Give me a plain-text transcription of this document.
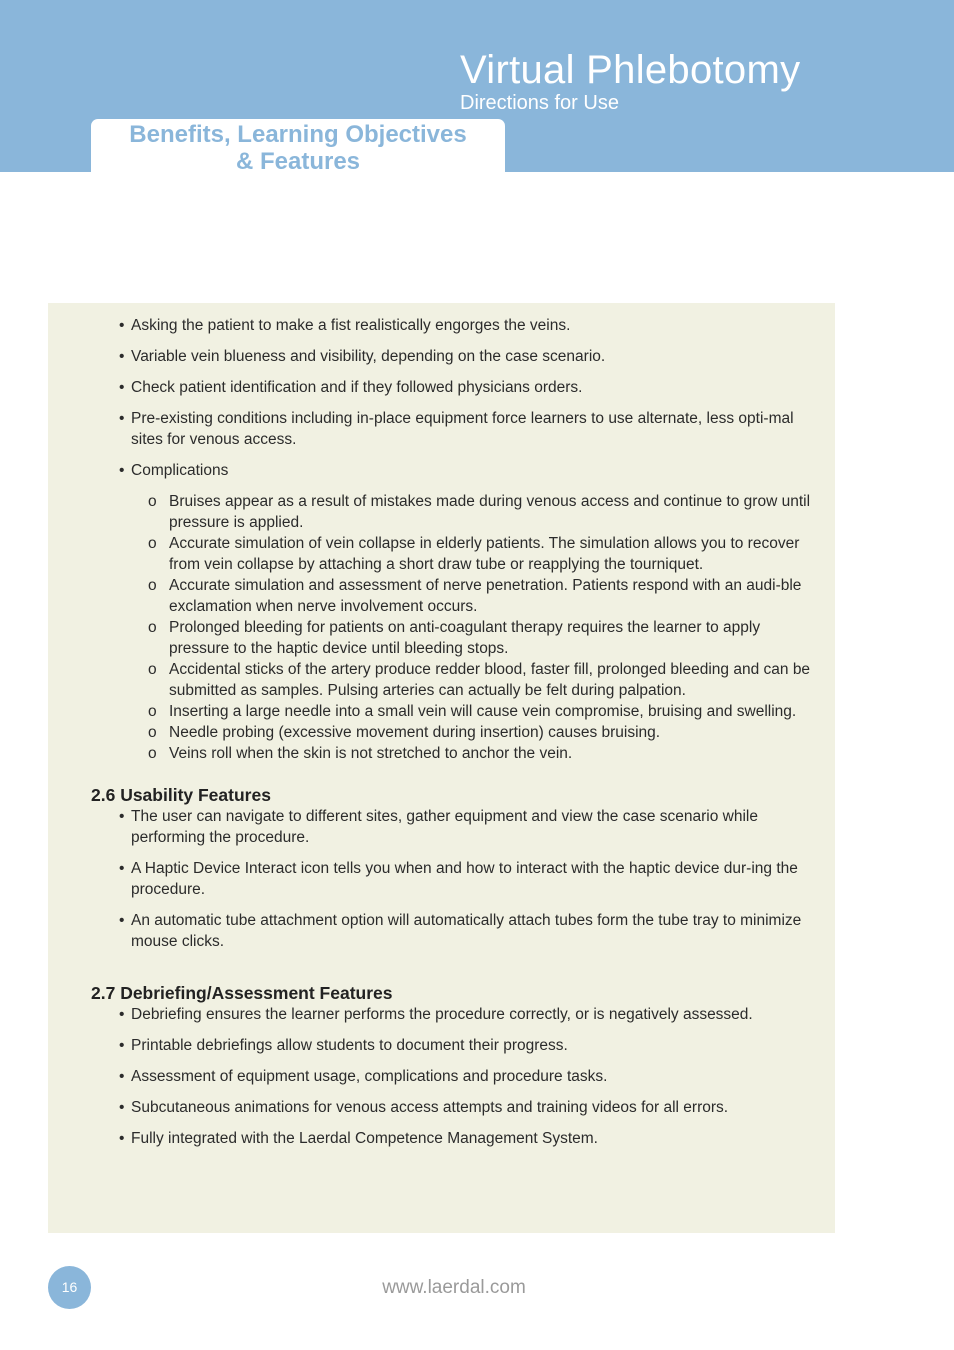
Virtual Phlebotomy
Directions for Use
Benefits, Learning Objectives
& Features
• Asking the patient to make a fist realistically engorges the veins.
• Variable vein blueness and visibility, depending on the case scenario.
• Check patient identification and if they followed physicians orders.
• Pre-existing conditions including in-place equipment force learners to use alternate, less opti-mal sites for venous access.
• Complications
o Bruises appear as a result of mistakes made during venous access and continue to grow until pressure is applied.
o Accurate simulation of vein collapse in elderly patients. The simulation allows you to recover from vein collapse by attaching a short draw tube or reapplying the tourniquet.
o Accurate simulation and assessment of nerve penetration. Patients respond with an audi-ble exclamation when nerve involvement occurs.
o Prolonged bleeding for patients on anti-coagulant therapy requires the learner to apply pressure to the haptic device until bleeding stops.
o Accidental sticks of the artery produce redder blood, faster fill, prolonged bleeding and can be submitted as samples. Pulsing arteries can actually be felt during palpation.
o Inserting a large needle into a small vein will cause vein compromise, bruising and swelling.
o Needle probing (excessive movement during insertion) causes bruising.
o Veins roll when the skin is not stretched to anchor the vein.
2.6 Usability Features
• The user can navigate to different sites, gather equipment and view the case scenario while performing the procedure.
• A Haptic Device Interact icon tells you when and how to interact with the haptic device dur-ing the procedure.
• An automatic tube attachment option will automatically attach tubes form the tube tray to minimize mouse clicks.
2.7 Debriefing/Assessment Features
• Debriefing ensures the learner performs the procedure correctly, or is negatively assessed.
• Printable debriefings allow students to document their progress.
• Assessment of equipment usage, complications and procedure tasks.
• Subcutaneous animations for venous access attempts and training videos for all errors.
• Fully integrated with the Laerdal Competence Management System.
16	www.laerdal.com
